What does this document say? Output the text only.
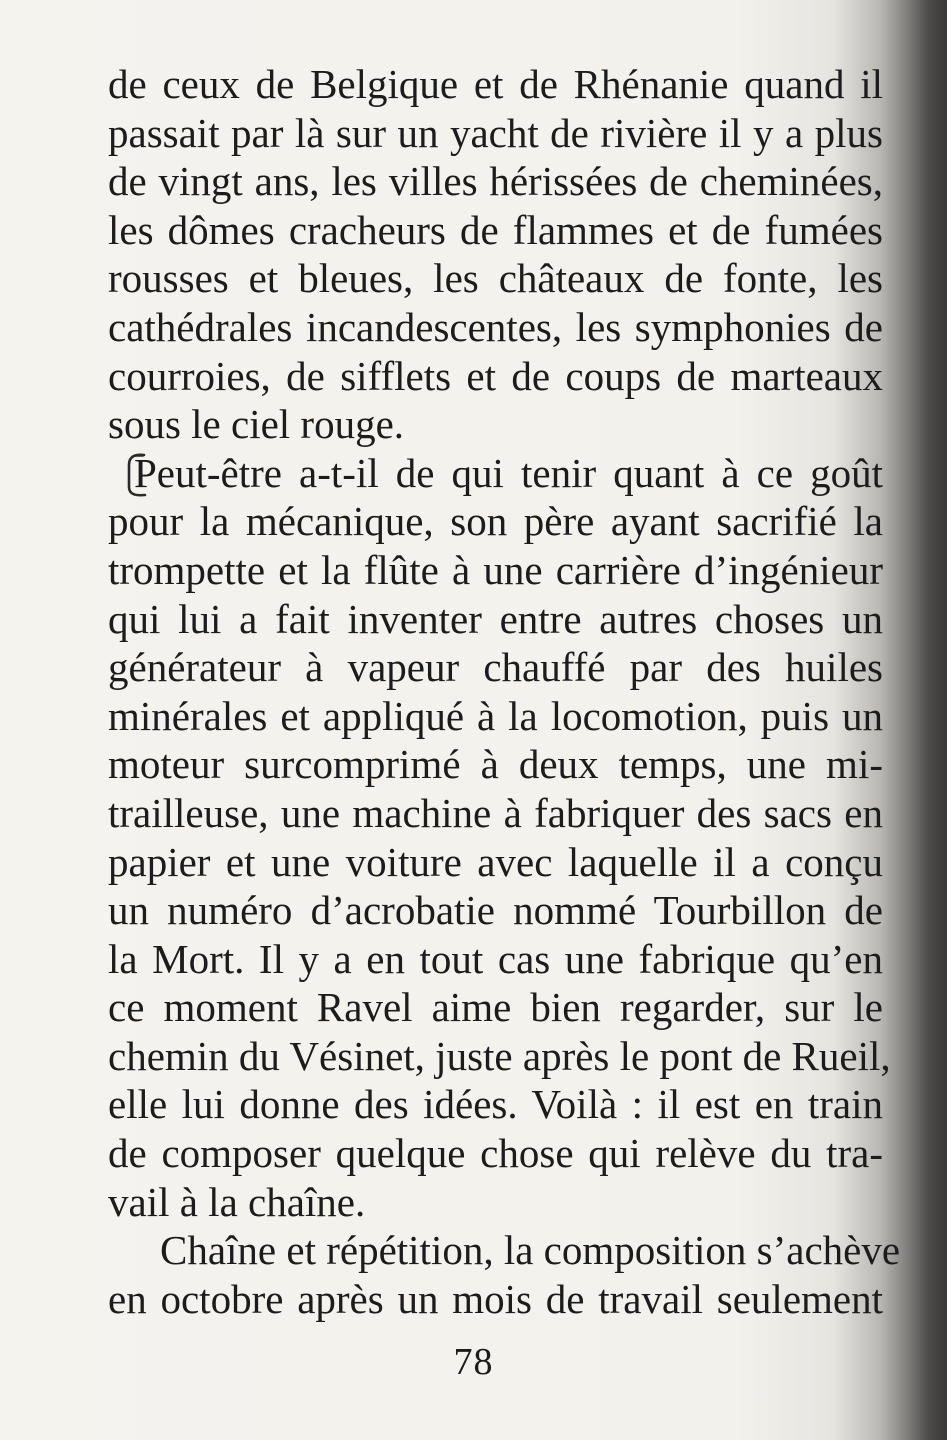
de ceux de Belgique et de Rhénanie quand il
passait par là sur un yacht de rivière il y a plus
de vingt ans, les villes hérissées de cheminées,
les dômes cracheurs de flammes et de fumées
rousses et bleues, les châteaux de fonte, les
cathédrales incandescentes, les symphonies de
courroies, de sifflets et de coups de marteaux
sous le ciel rouge.
Peut-être a-t-il de qui tenir quant à ce goût
pour la mécanique, son père ayant sacrifié la
trompette et la flûte à une carrière d’ingénieur
qui lui a fait inventer entre autres choses un
générateur à vapeur chauffé par des huiles
minérales et appliqué à la locomotion, puis un
moteur surcomprimé à deux temps, une mi-
trailleuse, une machine à fabriquer des sacs en
papier et une voiture avec laquelle il a conçu
un numéro d’acrobatie nommé Tourbillon de
la Mort. Il y a en tout cas une fabrique qu’en
ce moment Ravel aime bien regarder, sur le
chemin du Vésinet, juste après le pont de Rueil,
elle lui donne des idées. Voilà : il est en train
de composer quelque chose qui relève du tra-
vail à la chaîne.
Chaîne et répétition, la composition s’achève
en octobre après un mois de travail seulement
78
